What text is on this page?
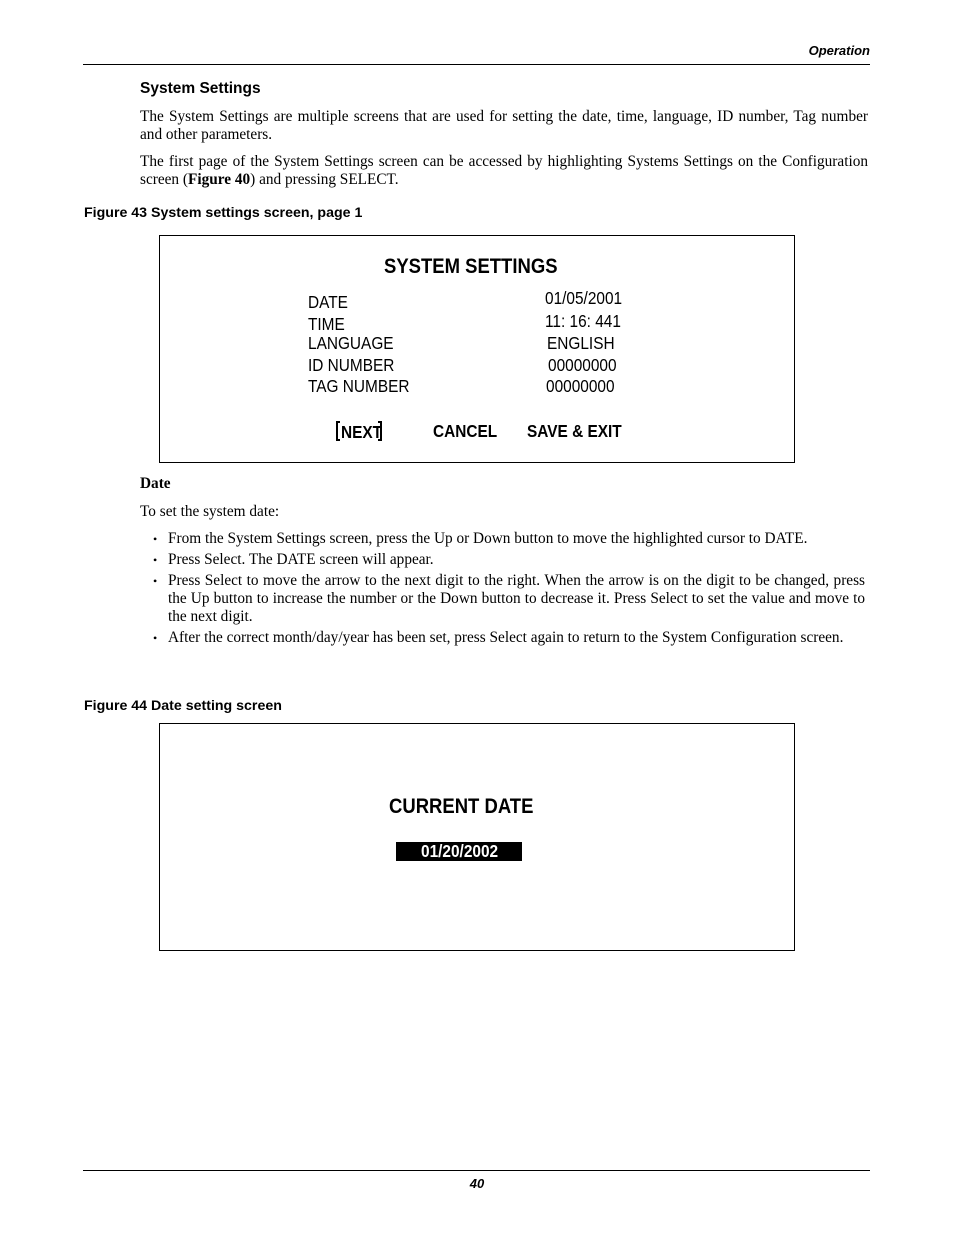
Operation
System Settings
The System Settings are multiple screens that are used for setting the date, time, language, ID number, Tag number and other parameters.
The first page of the System Settings screen can be accessed by highlighting Systems Settings on the Configuration screen (Figure 40) and pressing SELECT.
Figure 43 System settings screen, page 1
SYSTEM SETTINGS
DATE	01/05/2001
TIME	11: 16: 441
LANGUAGE	ENGLISH
ID NUMBER	00000000
TAG NUMBER	00000000
NEXT	CANCEL SAVE & EXIT
Date
To set the system date:
• From the System Settings screen, press the Up or Down button to move the highlighted cursor to DATE.
• Press Select. The DATE screen will appear.
• Press Select to move the arrow to the next digit to the right. When the arrow is on the digit to be changed, press the Up button to increase the number or the Down button to decrease it. Press Select to set the value and move to the next digit.
• After the correct month/day/year has been set, press Select again to return to the System Configuration screen.
Figure 44 Date setting screen
CURRENT DATE
01/20/2002
40
